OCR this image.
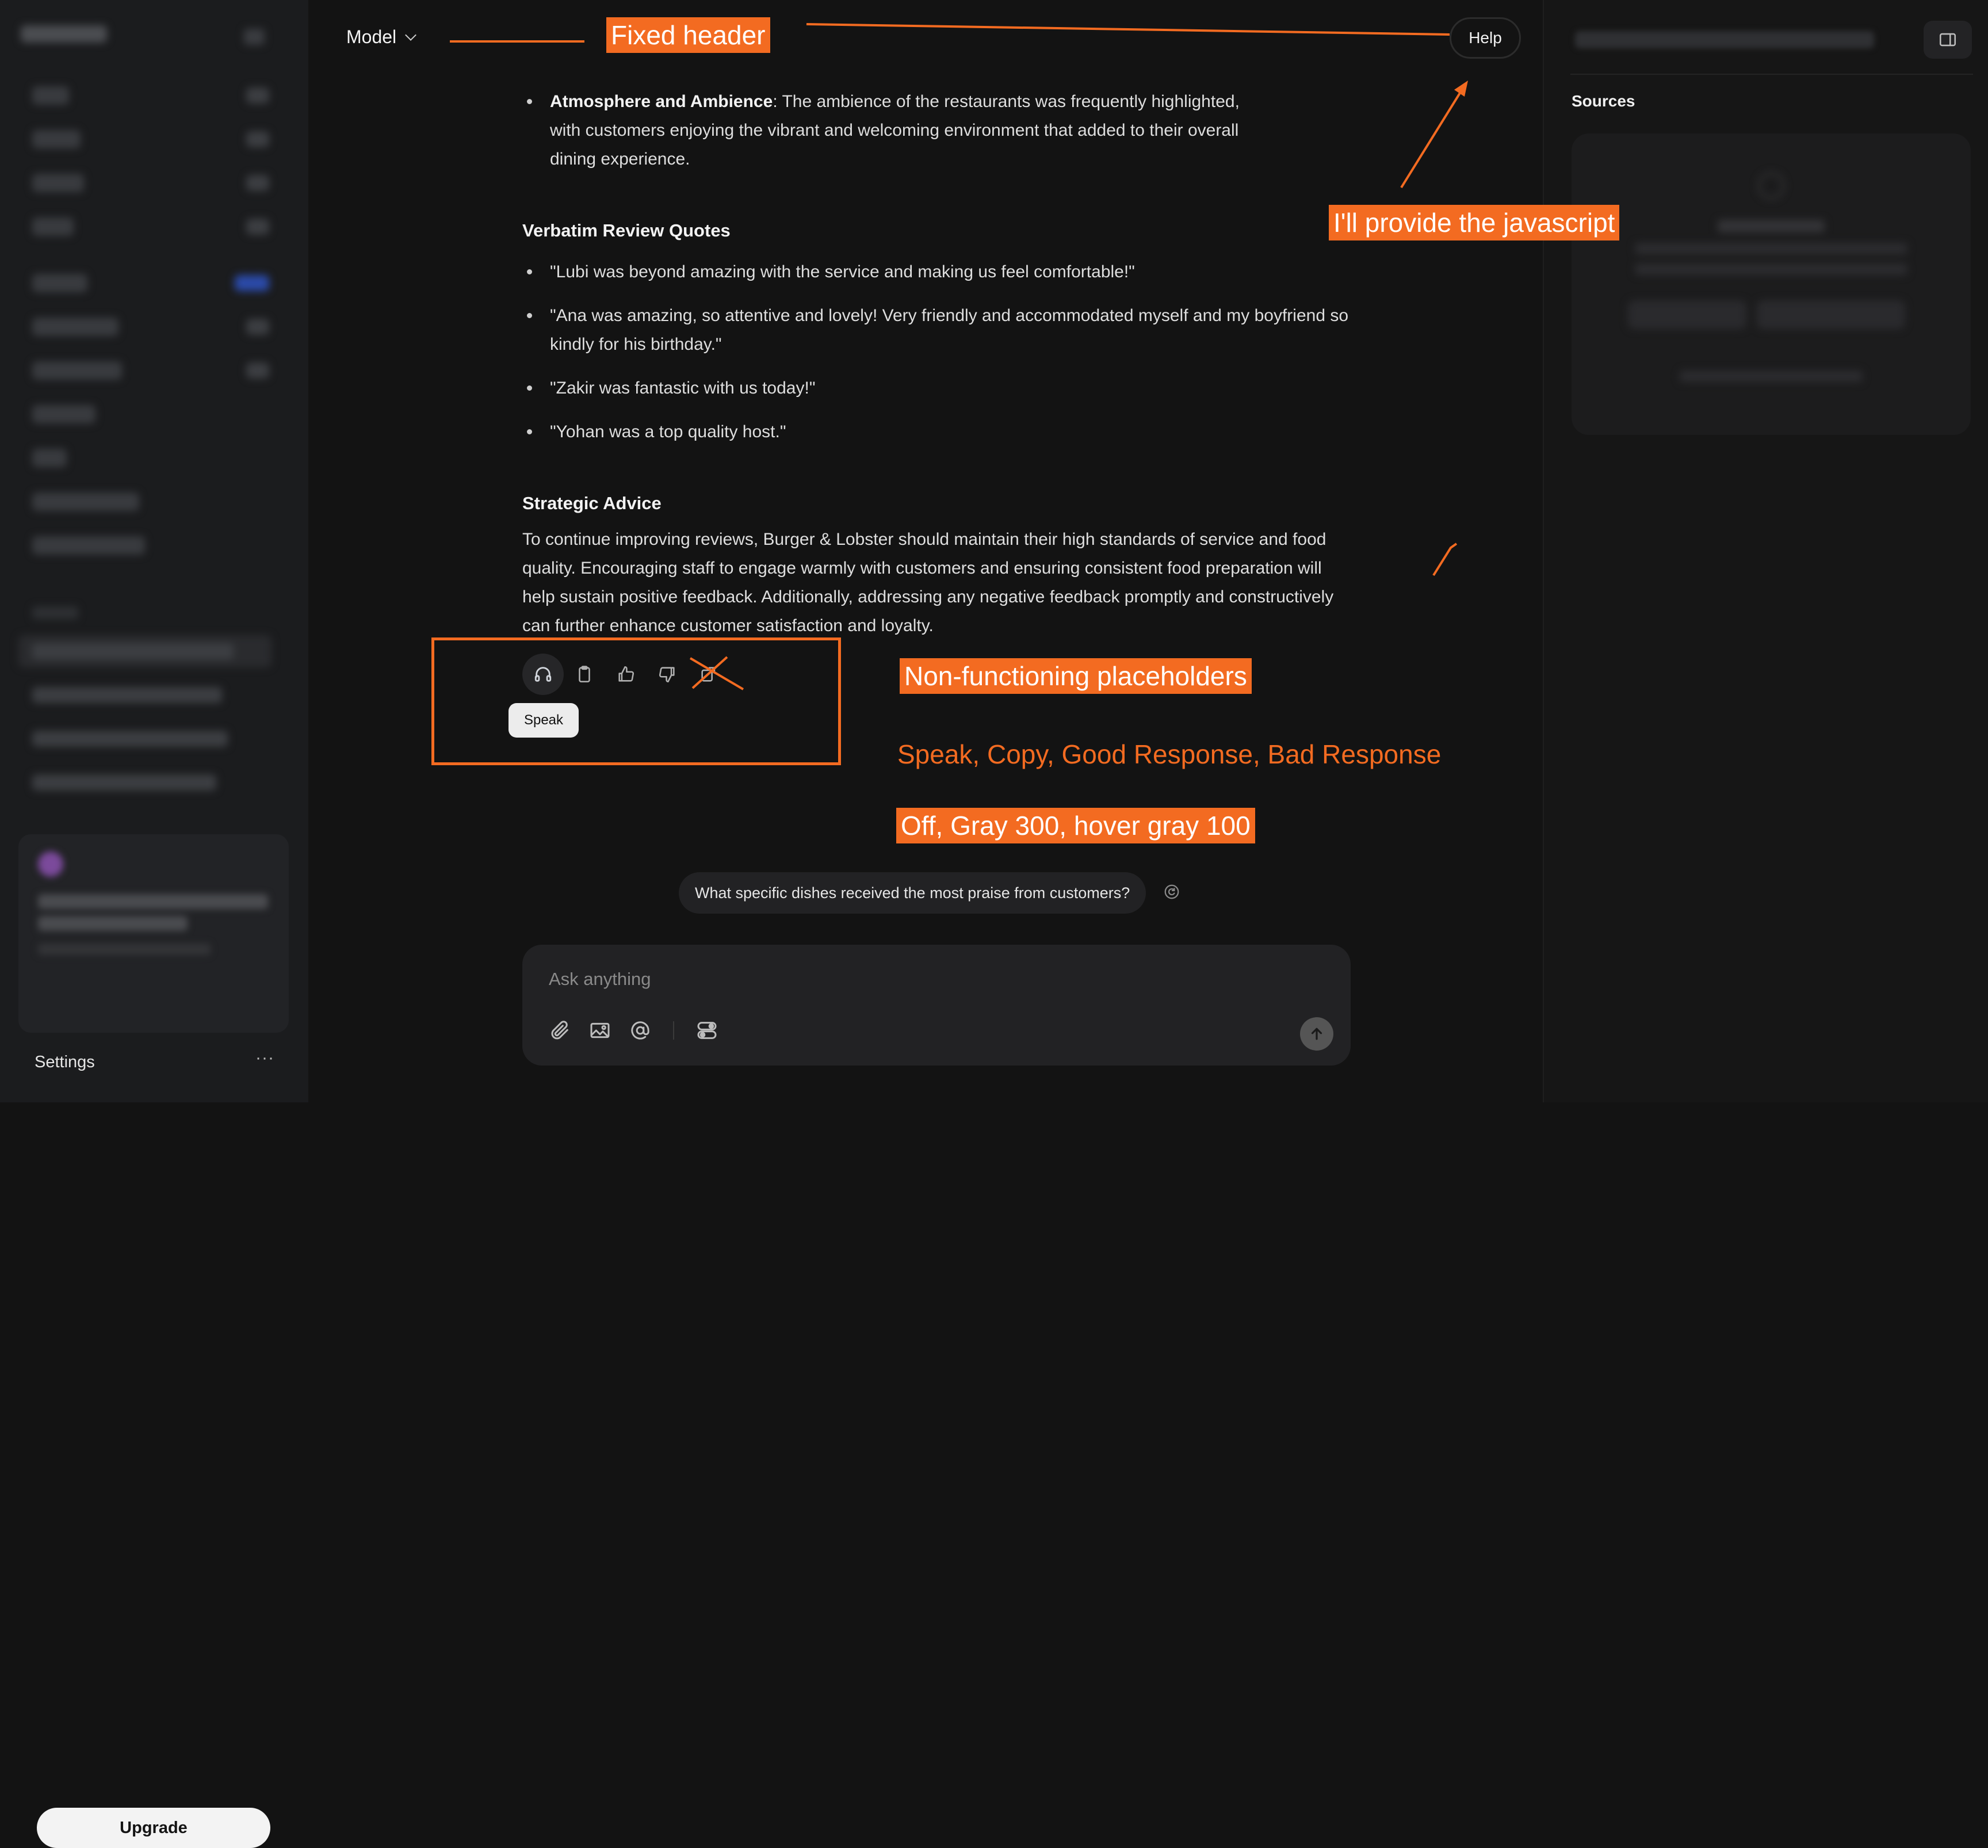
Upgrade
Settings	···
Model	Help
Atmosphere and Ambience: The ambience of the restaurants was frequently highlighted, with customers enjoying the vibrant and welcoming environment that added to their overall dining experience.
Verbatim Review Quotes
"Lubi was beyond amazing with the service and making us feel comfortable!"
"Ana was amazing, so attentive and lovely! Very friendly and accommodated myself and my boyfriend so kindly for his birthday."
"Zakir was fantastic with us today!"
"Yohan was a top quality host."
Strategic Advice
To continue improving reviews, Burger & Lobster should maintain their high standards of service and food quality. Encouraging staff to engage warmly with customers and ensuring consistent food preparation will help sustain positive feedback. Additionally, addressing any negative feedback promptly and constructively can further enhance customer satisfaction and loyalty.
Speak
What specific dishes received the most praise from customers?
Ask anything
Sources
Fixed header
I'll provide the javascript
Non-functioning placeholders
Speak, Copy, Good Response, Bad Response
Off, Gray 300, hover gray 100
